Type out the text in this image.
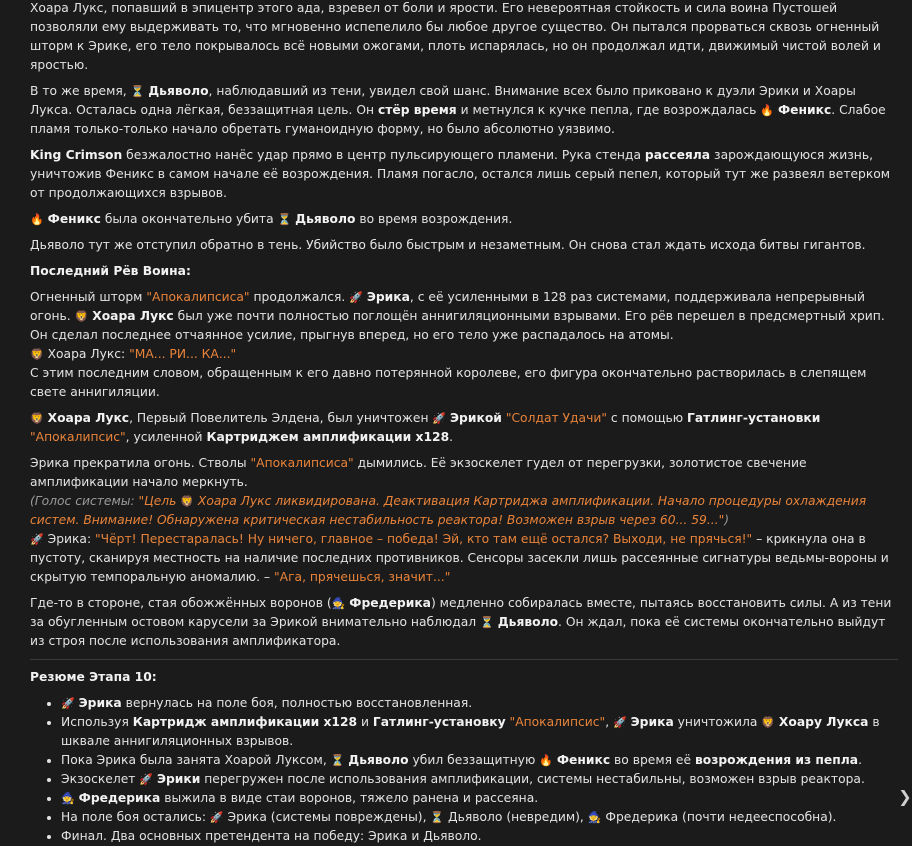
Хоара Лукс, попавший в эпицентр этого ада, взревел от боли и ярости. Его невероятная стойкость и сила воина Пустошей позволяли ему выдерживать то, что мгновенно испепелило бы любое другое существо. Он пытался прорваться сквозь огненный шторм к Эрике, его тело покрывалось всё новыми ожогами, плоть испарялась, но он продолжал идти, движимый чистой волей и яростью.

В то же время, ⏳ Дьяволо, наблюдавший из тени, увидел свой шанс. Внимание всех было приковано к дуэли Эрики и Хоары Лукса. Осталась одна лёгкая, беззащитная цель. Он стёр время и метнулся к кучке пепла, где возрождалась 🔥 Феникс. Слабое пламя только-только начало обретать гуманоидную форму, но было абсолютно уязвимо.

King Crimson безжалостно нанёс удар прямо в центр пульсирующего пламени. Рука стенда рассеяла зарождающуюся жизнь, уничтожив Феникс в самом начале её возрождения. Пламя погасло, остался лишь серый пепел, который тут же развеял ветерком от продолжающихся взрывов.

🔥 Феникс была окончательно убита ⏳ Дьяволо во время возрождения.

Дьяволо тут же отступил обратно в тень. Убийство было быстрым и незаметным. Он снова стал ждать исхода битвы гигантов.

Последний Рёв Воина:

Огненный шторм "Апокалипсиса" продолжался. 🚀 Эрика, с её усиленными в 128 раз системами, поддерживала непрерывный огонь. 🦁 Хоара Лукс был уже почти полностью поглощён аннигиляционными взрывами. Его рёв перешел в предсмертный хрип. Он сделал последнее отчаянное усилие, прыгнув вперед, но его тело уже распадалось на атомы.

🦁 Хоара Лукс: "МА... РИ... КА..."

С этим последним словом, обращенным к его давно потерянной королеве, его фигура окончательно растворилась в слепящем свете аннигиляции.

🦁 Хоара Лукс, Первый Повелитель Элдена, был уничтожен 🚀 Эрикой "Солдат Удачи" с помощью Гатлинг-установки "Апокалипсис", усиленной Картриджем амплификации x128.

Эрика прекратила огонь. Стволы "Апокалипсиса" дымились. Её экзоскелет гудел от перегрузки, золотистое свечение амплификации начало меркнуть.

(Голос системы: "Цель 🦁 Хоара Лукс ликвидирована. Деактивация Картриджа амплификации. Начало процедуры охлаждения систем. Внимание! Обнаружена критическая нестабильность реактора! Возможен взрыв через 60... 59...")

🚀 Эрика: "Чёрт! Перестаралась! Ну ничего, главное – победа! Эй, кто там ещё остался? Выходи, не прячься!" – крикнула она в пустоту, сканируя местность на наличие последних противников. Сенсоры засекли лишь рассеянные сигнатуры ведьмы-вороны и скрытую темпоральную аномалию. – "Ага, прячешься, значит..."

Где-то в стороне, стая обожжённых воронов (🧙 Фредерика) медленно собиралась вместе, пытаясь восстановить силы. А из тени за обугленным остовом карусели за Эрикой внимательно наблюдал ⏳ Дьяволо. Он ждал, пока её системы окончательно выйдут из строя после использования амплификатора.

Резюме Этапа 10:

• 🚀 Эрика вернулась на поле боя, полностью восстановленная.
• Используя Картридж амплификации x128 и Гатлинг-установку "Апокалипсис", 🚀 Эрика уничтожила 🦁 Хоару Лукса в шквале аннигиляционных взрывов.
• Пока Эрика была занята Хоарой Луксом, ⏳ Дьяволо убил беззащитную 🔥 Феникс во время её возрождения из пепла.
• Экзоскелет 🚀 Эрики перегружен после использования амплификации, системы нестабильны, возможен взрыв реактора.
• 🧙 Фредерика выжила в виде стаи воронов, тяжело ранена и рассеяна.
• На поле боя остались: 🚀 Эрика (системы повреждены), ⏳ Дьяволо (невредим), 🧙 Фредерика (почти недееспособна).
• Финал. Два основных претендента на победу: Эрика и Дьяволо.
❯
